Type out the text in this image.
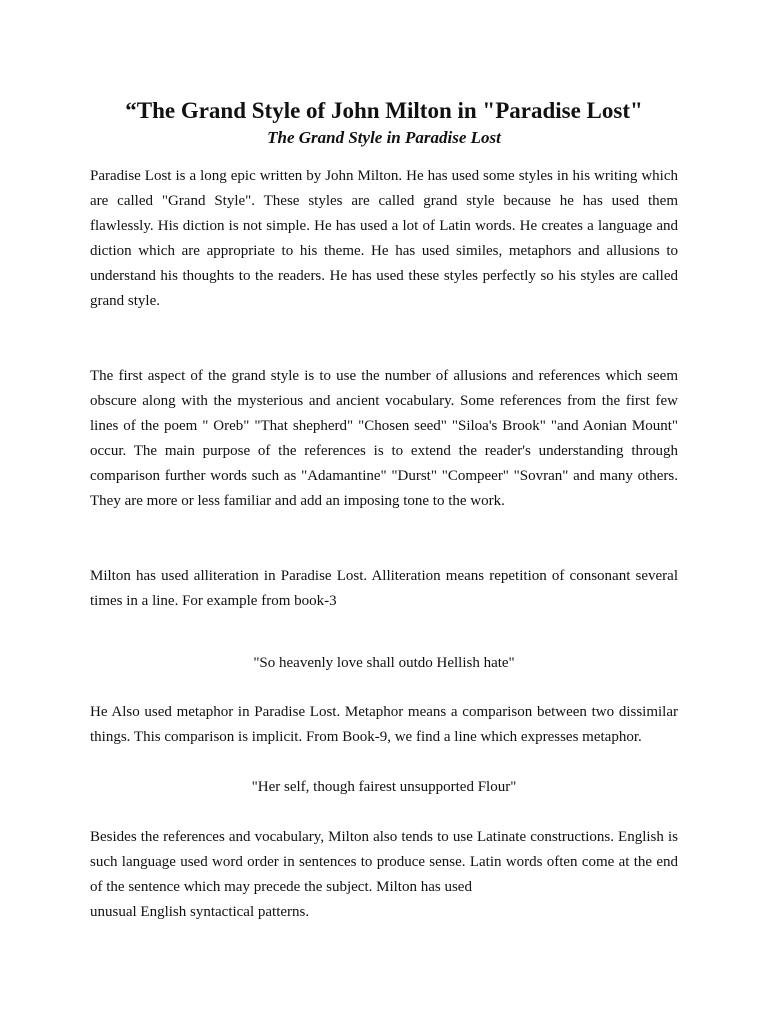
“The Grand Style of John Milton in "Paradise Lost"
The Grand Style in Paradise Lost
Paradise Lost is a long epic written by John Milton. He has used some styles in his writing which
are called "Grand Style". These styles are called grand style because he has used them
flawlessly. His diction is not simple. He has used a lot of Latin words. He creates a language and
diction which are appropriate to his theme. He has used similes, metaphors and allusions to
understand his thoughts to the readers. He has used these styles perfectly so his styles are called
grand style.
The first aspect of the grand style is to use the number of allusions and references which seem
obscure along with the mysterious and ancient vocabulary. Some references from the first few
lines of the poem " Oreb" "That shepherd" "Chosen seed" "Siloa's Brook" "and Aonian Mount"
occur. The main purpose of the references is to extend the reader's understanding through
comparison further words such as "Adamantine" "Durst" "Compeer" "Sovran" and many others.
They are more or less familiar and add an imposing tone to the work.
Milton has used alliteration in Paradise Lost. Alliteration means repetition of consonant several
times in a line. For example from book-3
"So heavenly love shall outdo Hellish hate"
He Also used metaphor in Paradise Lost. Metaphor means a comparison between two dissimilar
things. This comparison is implicit. From Book-9, we find a line which expresses metaphor.
"Her self, though fairest unsupported Flour"
Besides the references and vocabulary, Milton also tends to use Latinate constructions. English is
such language used word order in sentences to produce sense. Latin words often come at the end
of the sentence which may precede the subject. Milton has used
unusual English syntactical patterns.
